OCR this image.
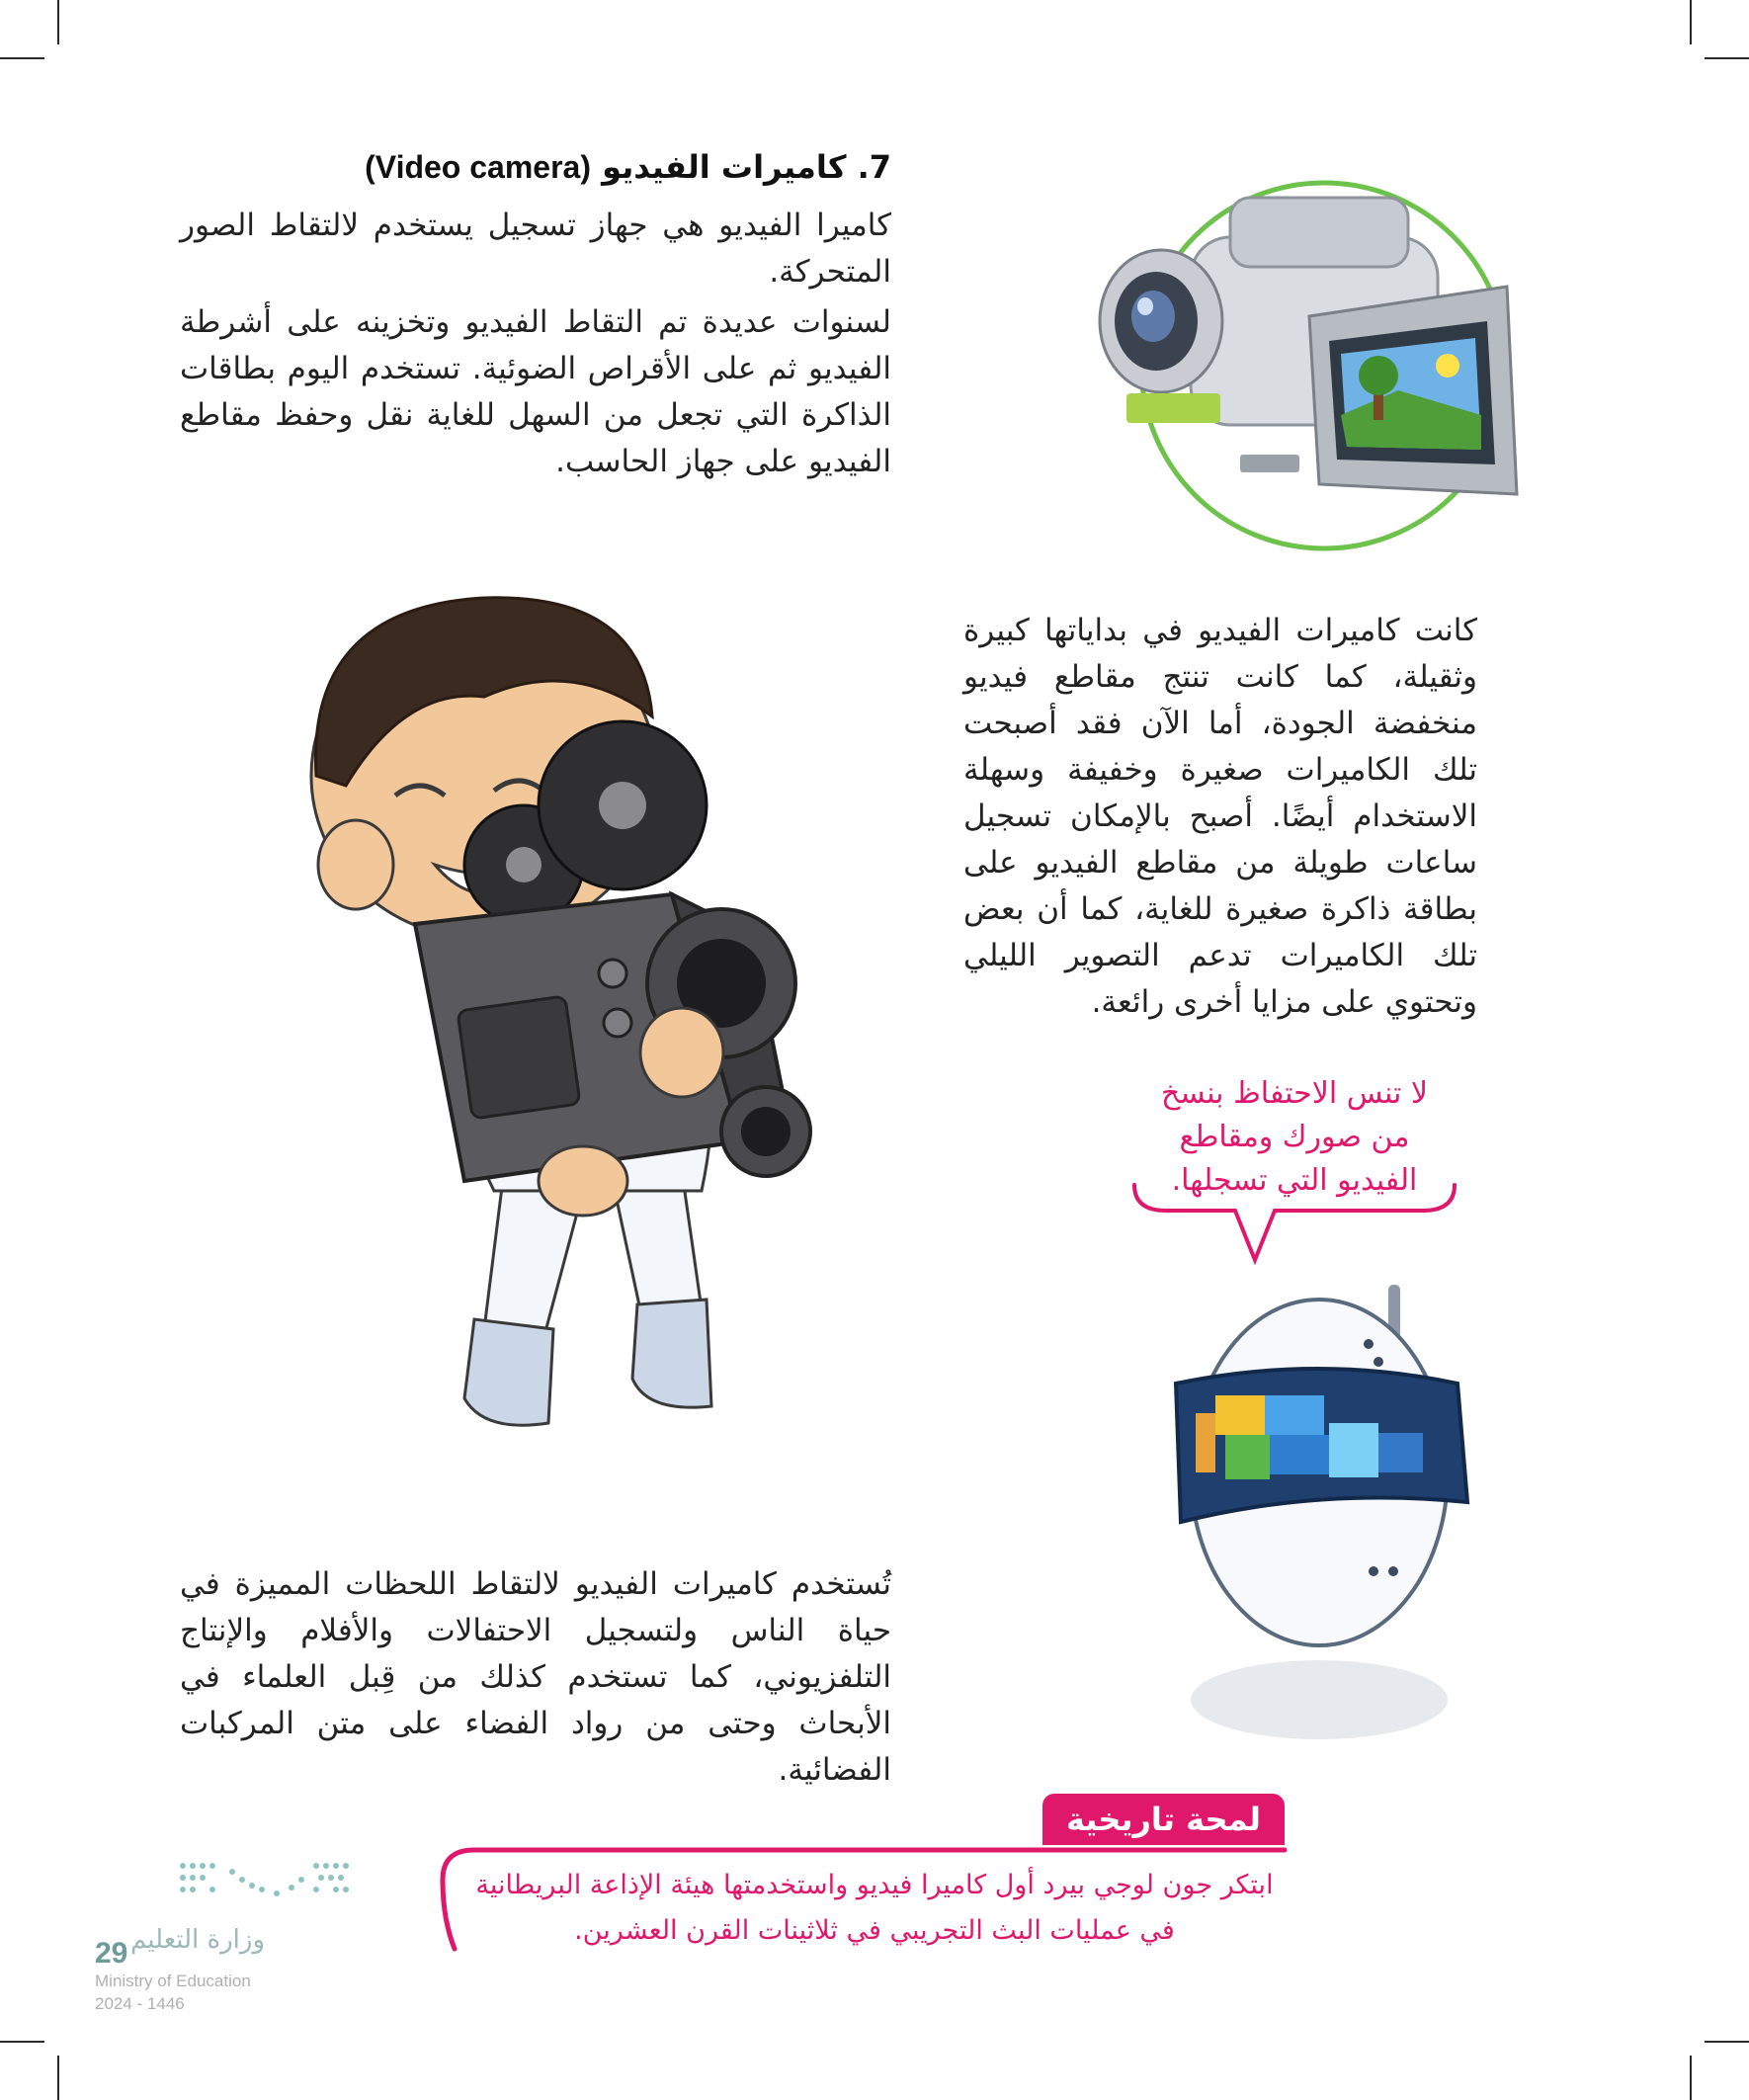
7. كاميرات الفيديو (Video camera)
كاميرا الفيديو هي جهاز تسجيل يستخدم لالتقاط الصور المتحركة.
لسنوات عديدة تم التقاط الفيديو وتخزينه على أشرطة الفيديو ثم على الأقراص الضوئية. تستخدم اليوم بطاقات الذاكرة التي تجعل من السهل للغاية نقل وحفظ مقاطع الفيديو على جهاز الحاسب.
كانت كاميرات الفيديو في بداياتها كبيرة وثقيلة، كما كانت تنتج مقاطع فيديو منخفضة الجودة، أما الآن فقد أصبحت تلك الكاميرات صغيرة وخفيفة وسهلة الاستخدام أيضًا. أصبح بالإمكان تسجيل ساعات طويلة من مقاطع الفيديو على بطاقة ذاكرة صغيرة للغاية، كما أن بعض تلك الكاميرات تدعم التصوير الليلي وتحتوي على مزايا أخرى رائعة.
لا تنس الاحتفاظ بنسخ
من صورك ومقاطع
الفيديو التي تسجلها.
تُستخدم كاميرات الفيديو لالتقاط اللحظات المميزة في حياة الناس ولتسجيل الاحتفالات والأفلام والإنتاج التلفزيوني، كما تستخدم كذلك من قِبل العلماء في الأبحاث وحتى من رواد الفضاء على متن المركبات الفضائية.
لمحة تاريخية
ابتكر جون لوجي بيرد أول كاميرا فيديو واستخدمتها هيئة الإذاعة البريطانية
في عمليات البث التجريبي في ثلاثينات القرن العشرين.
وزارة التعليم
29
Ministry of Education
2024 - 1446
